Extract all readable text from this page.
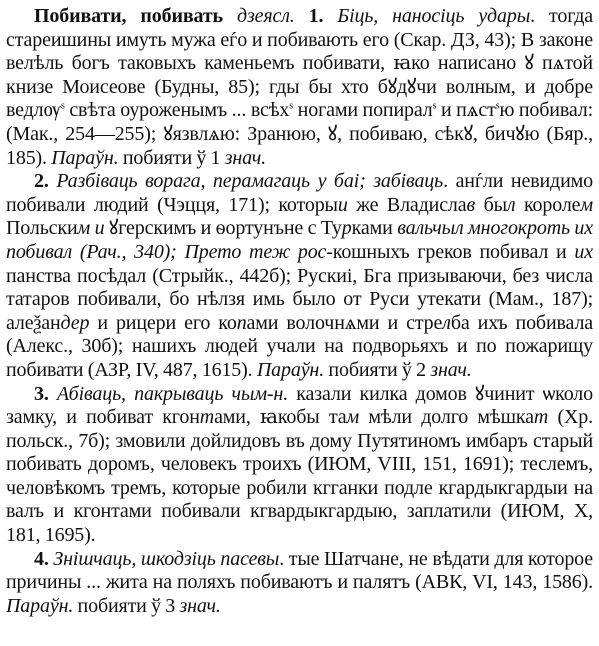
Побивати, побивать дзеясл. 1. Біць, наносіць удары. тогда стареишины имуть мужа еѓо и побивають его (Скар. ДЗ, 43); В законе велѣль богъ таковыхъ каменьемъ побивати, ꙗко написано ꙋ пѧтой книзе Моисеове (Будны, 85); гды бы хто бꙋдꙋчи волным, и добре ведлѹ$^s$ свѣта оуроженымъ ... всѣх$^s$ ногами попирал$^s$ и пѧст$^s$ю побивал: (Мак., 254—255); ꙋязвлѧю: Зранюю, ꙋ, побиваю, сѣкꙋ, бичꙋю (Бяр., 185). Параўн. побияти ў 1 знач.

2. Разбіваць ворага, перамагаць у баі; забіваць. анѓли невидимо побивали людий (Чэцця, 171); которыи же Владислав был королем Польским и ꙋгерскимъ и ѳортунъне с Турками вальчыл многокроть их побивал (Рач., 340); Прето теж рос-кошныхъ греков побивал и их панства посѣдал (Стрыйк., 442б); Рускиі, Бга призываючи, без числа татаров побивали, бо нѣлзя имь было от Руси утекати (Мам., 187); алеѯандер и рицери его копами волочнѧми и стрелба ихъ побивала (Алекс., 30б); нашихъ людей учали на подворьяхъ и по пожарищу побивати (АЗР, IV, 487, 1615). Параўн. побияти ў 2 знач.

3. Абіваць, пакрываць чым-н. казали килка домов ꙋчинит ѡколо замку, и побиват кгонтами, ꙗкобы там мѣли долго мѣшкат (Хр. польск., 7б); змовили дойлидовъ въ дому Путятиномъ имбаръ старый побивать доромъ, человекъ троихъ (ИЮМ, VIII, 151, 1691); теслемъ, человѣкомъ тремъ, которые робили кгганки подле кгардыкгардыи на валъ и кгонтами побивали кгвардыкгардыю, заплатили (ИЮМ, X, 181, 1695).

4. Знішчаць, шкодзіць пасевы. тые Шатчане, не вѣдати для которое причины ... жита на поляхъ побиваютъ и палятъ (АВК, VI, 143, 1586). Параўн. побияти ў 3 знач.
